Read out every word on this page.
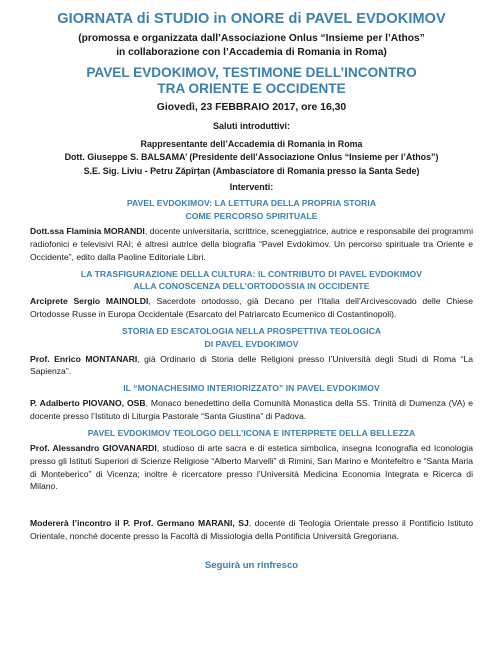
GIORNATA di STUDIO in ONORE di PAVEL EVDOKIMOV
(promossa e organizzata dall’Associazione Onlus “Insieme per l’Athos”
in collaborazione con l’Accademia di Romania in Roma)
PAVEL EVDOKIMOV, TESTIMONE DELL’INCONTRO
TRA ORIENTE E OCCIDENTE
Giovedì, 23 FEBBRAIO 2017, ore 16,30
Saluti introduttivi:
Rappresentante dell’Accademia di Romania in Roma
Dott. Giuseppe S. BALSAMA’ (Presidente dell’Associazione Onlus “Insieme per l’Athos”)
S.E. Sig. Liviu - Petru Zăpîrțan (Ambasciatore di Romania presso la Santa Sede)
Interventi:
PAVEL EVDOKIMOV: LA LETTURA DELLA PROPRIA STORIA
COME PERCORSO SPIRITUALE
Dott.ssa Flaminia MORANDI, docente universitaria, scrittrice, sceneggiatrice, autrice e responsabile dei programmi radiofonici e televisivi RAI; è altresì autrice della biografia “Pavel Evdokimov. Un percorso spirituale tra Oriente e Occidente”, edito dalla Paoline Editoriale Libri.
LA TRASFIGURAZIONE DELLA CULTURA: IL CONTRIBUTO DI PAVEL EVDOKIMOV
ALLA CONOSCENZA DELL’ORTODOSSIA IN OCCIDENTE
Arciprete Sergio MAINOLDI, Sacerdote ortodosso, già Decano per l’Italia dell’Arcivescovado delle Chiese Ortodosse Russe in Europa Occidentale (Esarcato del Patriarcato Ecumenico di Costantinopoli).
STORIA ED ESCATOLOGIA NELLA PROSPETTIVA TEOLOGICA
DI PAVEL EVDOKIMOV
Prof. Enrico MONTANARI, già Ordinario di Storia delle Religioni presso l’Università degli Studi di Roma “La Sapienza”.
IL “MONACHESIMO INTERIORIZZATO” IN PAVEL EVDOKIMOV
P. Adalberto PIOVANO, OSB, Monaco benedettino della Comunità Monastica della SS. Trinità di Dumenza (VA) e docente presso l’Istituto di Liturgia Pastorale “Santa Giustina” di Padova.
PAVEL EVDOKIMOV TEOLOGO DELL’ICONA E INTERPRETE DELLA BELLEZZA
Prof. Alessandro GIOVANARDI, studioso di arte sacra e di estetica simbolica, insegna Iconografia ed Iconologia presso gli Istituti Superiori di Scienze Religiose “Alberto Marvelli” di Rimini, San Marino e Montefeltro e “Santa Maria di Monteberico” di Vicenza; inoltre è ricercatore presso l’Università Medicina Economia Integrata e Ricerca di Milano.
Modererà l’incontro il P. Prof. Germano MARANI, SJ, docente di Teologia Orientale presso il Pontificio Istituto Orientale, nonché docente presso la Facoltà di Missiologia della Pontificia Università Gregoriana.
Seguirà un rinfresco
